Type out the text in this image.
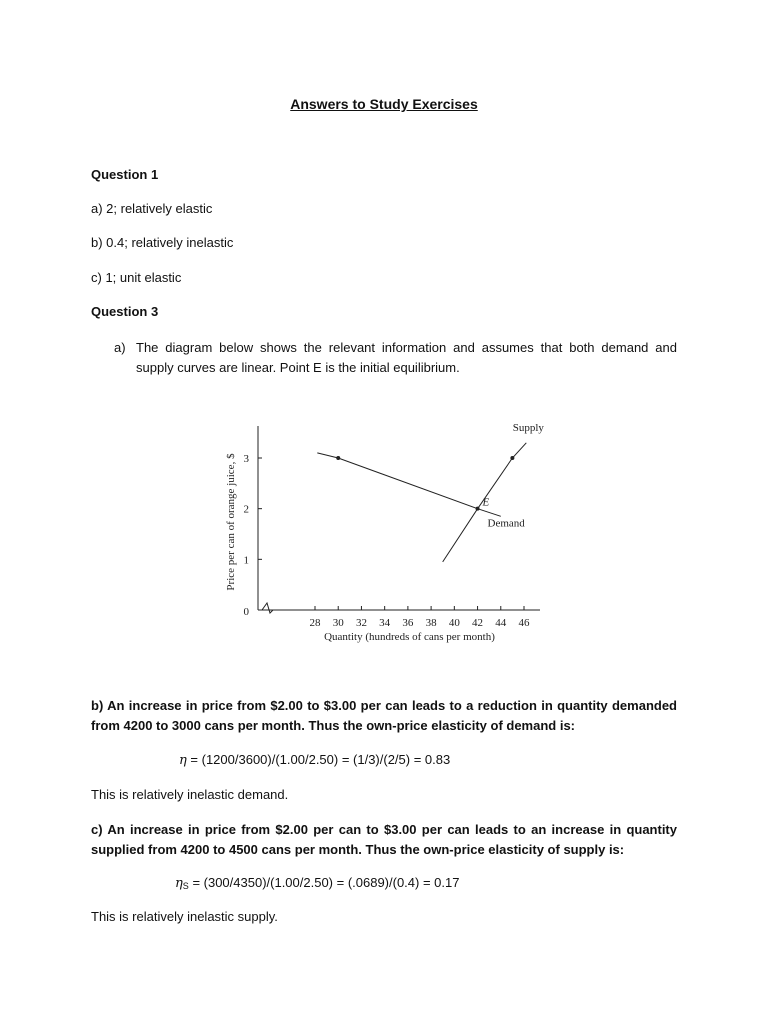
Answers to Study Exercises
Question 1
a) 2; relatively elastic
b) 0.4; relatively inelastic
c) 1; unit elastic
Question 3
a) The diagram below shows the relevant information and assumes that both demand and supply curves are linear. Point E is the initial equilibrium.
28 30 32 34 36 38 40 42 44 46
0
1
2
3
Quantity (hundreds of cans per month)
Price per can of orange juice, $
Supply
Demand
E
b) An increase in price from $2.00 to $3.00 per can leads to a reduction in quantity demanded from 4200 to 3000 cans per month. Thus the own-price elasticity of demand is:
η = (1200/3600)/(1.00/2.50) = (1/3)/(2/5) = 0.83
This is relatively inelastic demand.
c) An increase in price from $2.00 per can to $3.00 per can leads to an increase in quantity supplied from 4200 to 4500 cans per month. Thus the own-price elasticity of supply is:
$\eta_S = (300/4350)/(1.00/2.50) = (.0689)/(0.4) = 0.17$
This is relatively inelastic supply.
